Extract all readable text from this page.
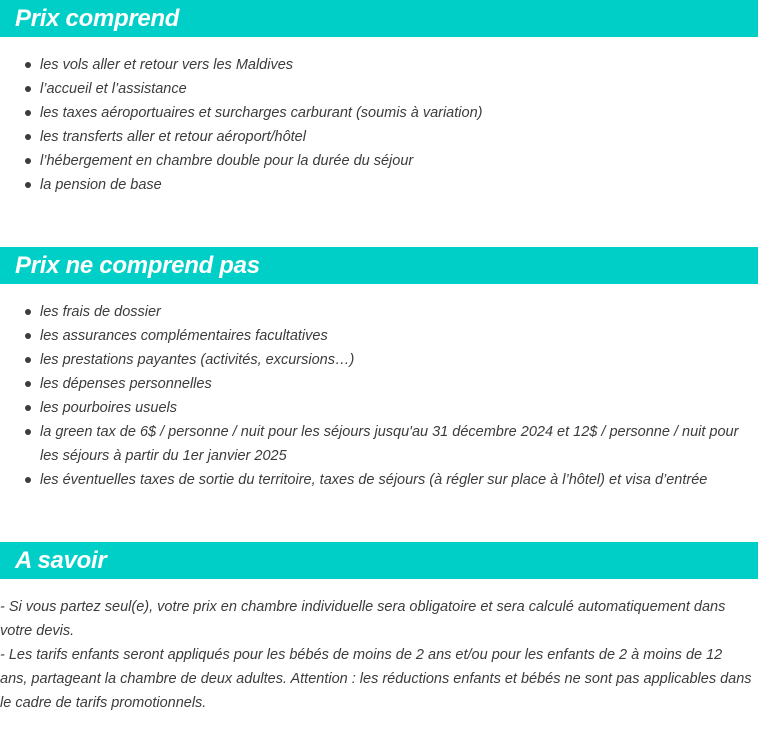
Prix comprend
les vols aller et retour vers les Maldives
l’accueil et l’assistance
les taxes aéroportuaires et surcharges carburant (soumis à variation)
les transferts aller et retour aéroport/hôtel
l’hébergement en chambre double pour la durée du séjour
la pension de base
Prix ne comprend pas
les frais de dossier
les assurances complémentaires facultatives
les prestations payantes (activités, excursions…)
les dépenses personnelles
les pourboires usuels
la green tax de 6$ / personne / nuit pour les séjours jusqu'au 31 décembre 2024 et 12$ / personne / nuit pour les séjours à partir du 1er janvier 2025
les éventuelles taxes de sortie du territoire, taxes de séjours (à régler sur place à l’hôtel) et visa d’entrée
A savoir

- Si vous partez seul(e), votre prix en chambre individuelle sera obligatoire et sera calculé automatiquement dans votre devis.

- Les tarifs enfants seront appliqués pour les bébés de moins de 2 ans et/ou pour les enfants de 2 à moins de 12 ans, partageant la chambre de deux adultes. Attention : les réductions enfants et bébés ne sont pas applicables dans le cadre de tarifs promotionnels.
